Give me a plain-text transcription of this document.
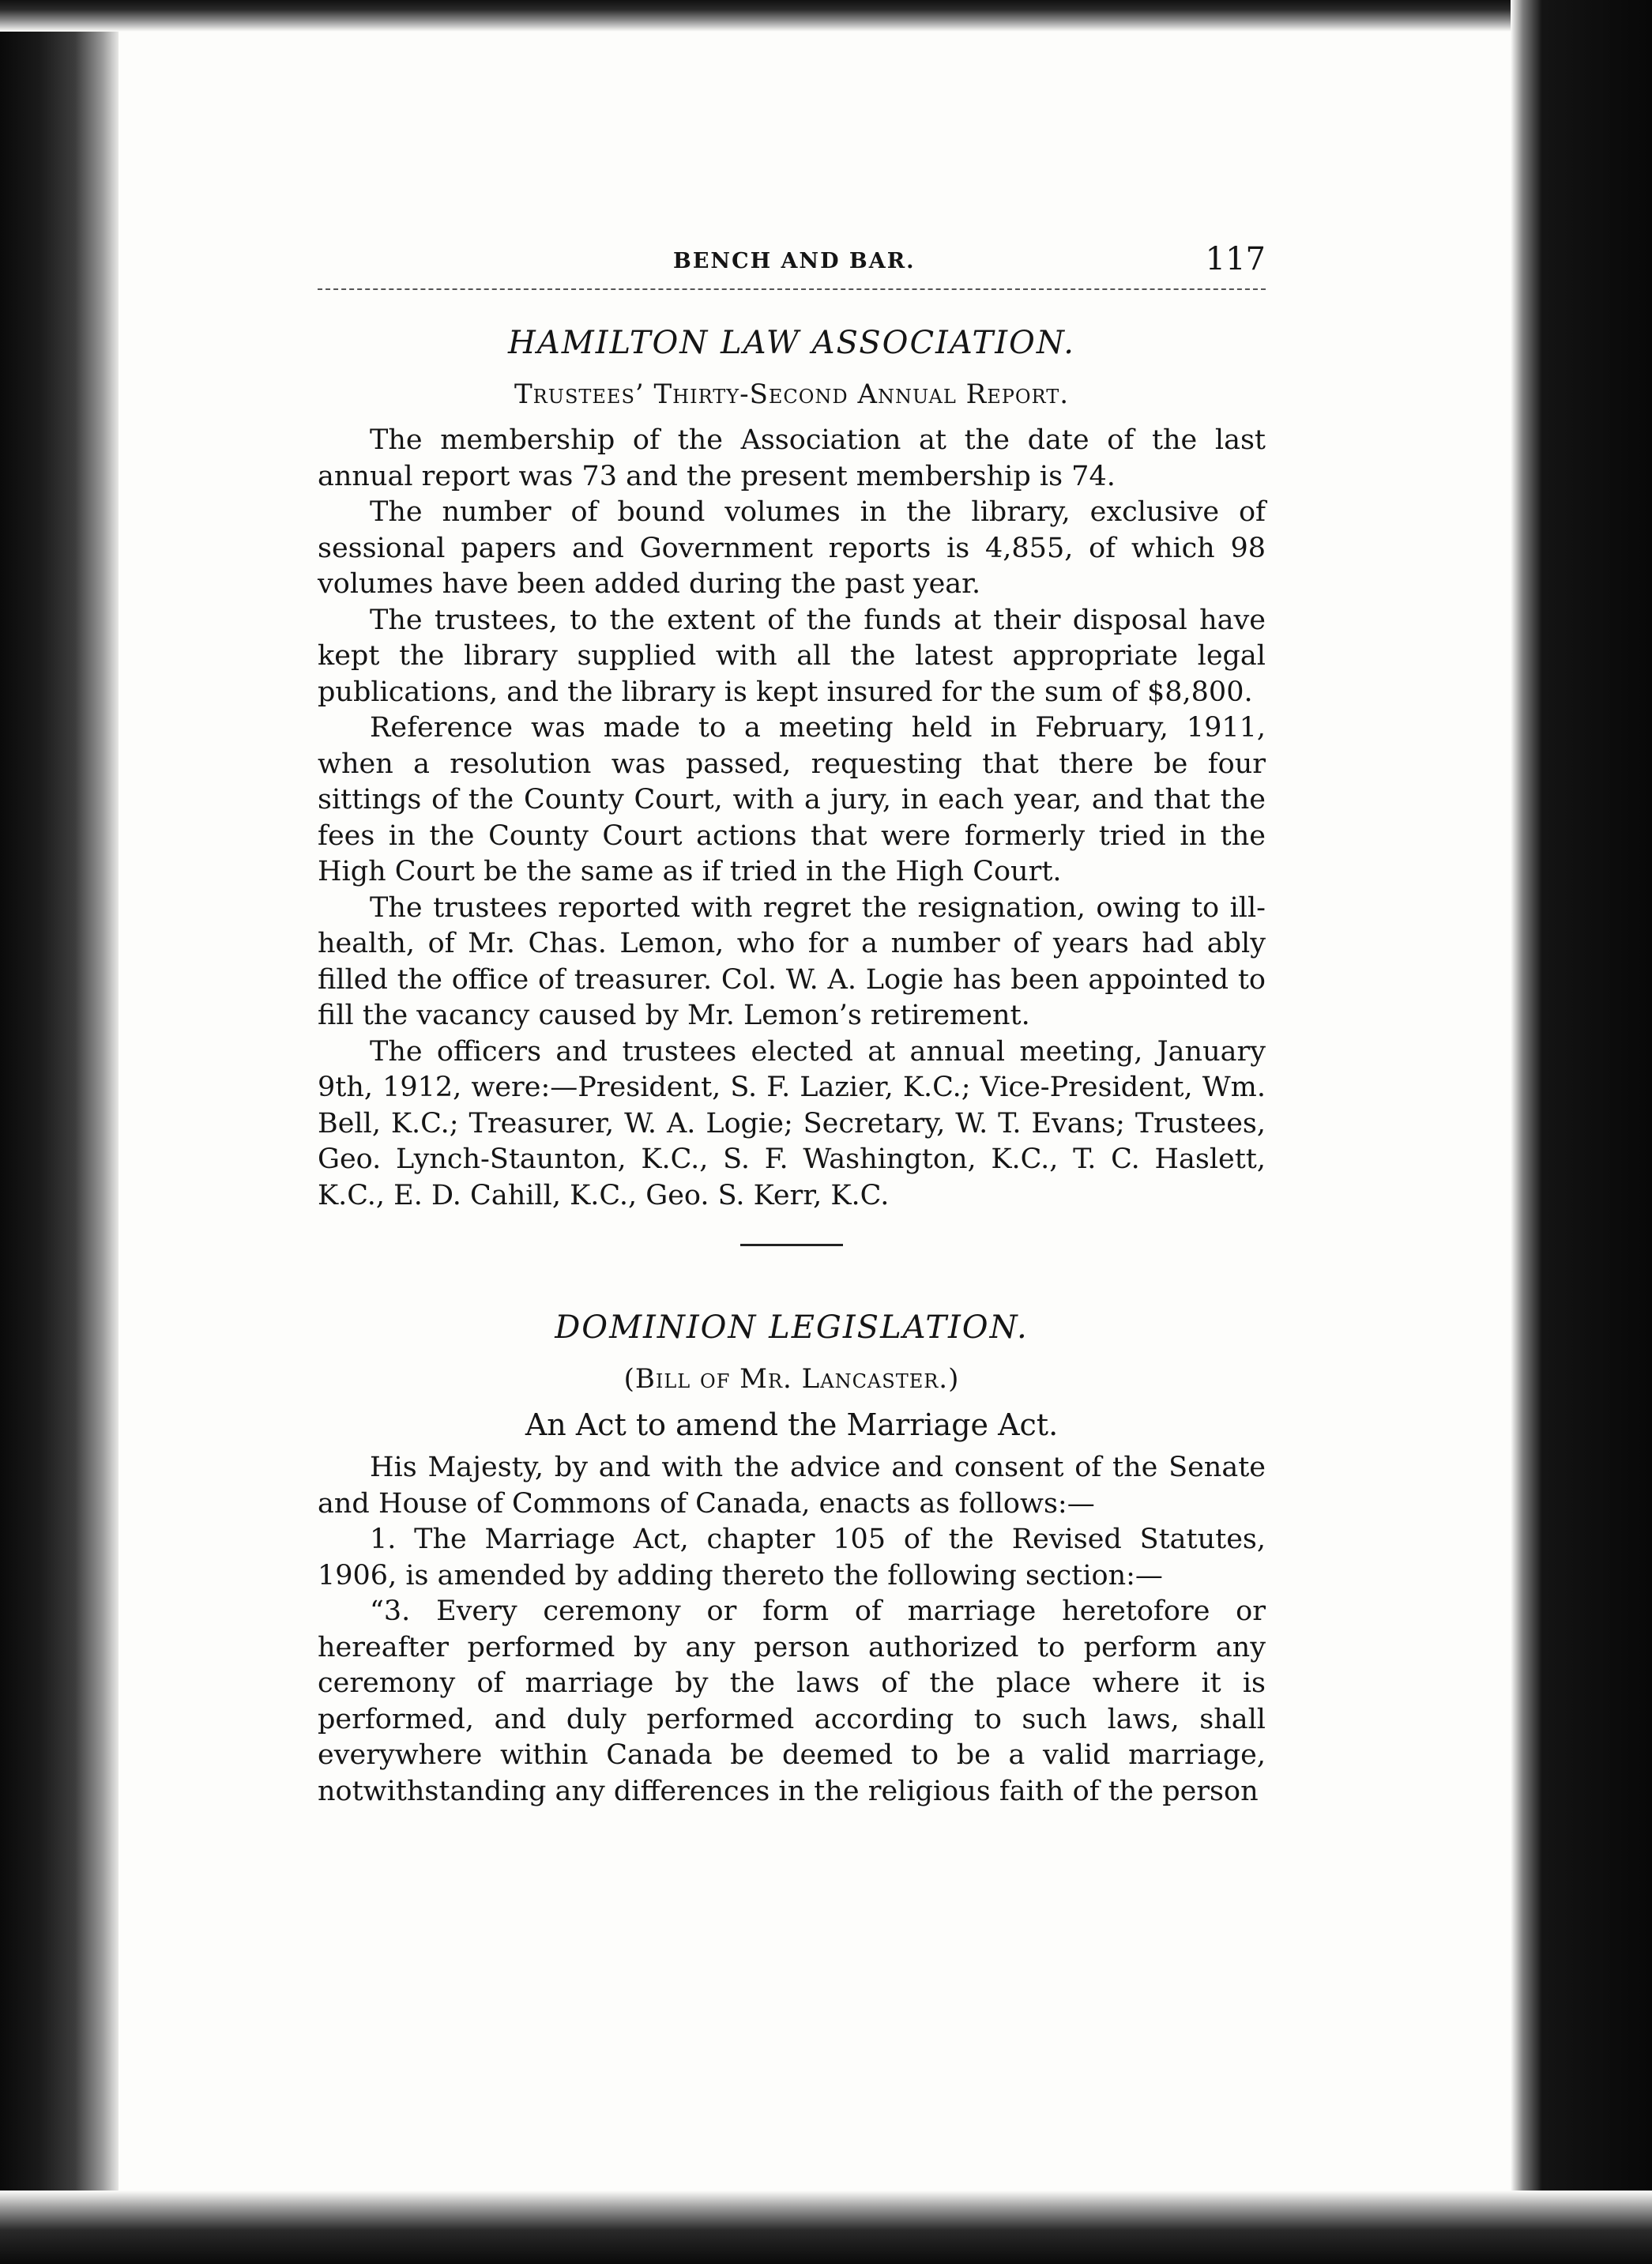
BENCH AND BAR.	117
HAMILTON LAW ASSOCIATION.
Trustees’ Thirty-Second Annual Report.

The membership of the Association at the date of the last annual report was 73 and the present membership is 74.

The number of bound volumes in the library, exclusive of sessional papers and Government reports is 4,855, of which 98 volumes have been added during the past year.

The trustees, to the extent of the funds at their disposal have kept the library supplied with all the latest appropriate legal publications, and the library is kept insured for the sum of $8,800.

Reference was made to a meeting held in February, 1911, when a resolution was passed, requesting that there be four sittings of the County Court, with a jury, in each year, and that the fees in the County Court actions that were formerly tried in the High Court be the same as if tried in the High Court.

The trustees reported with regret the resignation, owing to ill-health, of Mr. Chas. Lemon, who for a number of years had ably filled the office of treasurer. Col. W. A. Logie has been appointed to fill the vacancy caused by Mr. Lemon’s retirement.

The officers and trustees elected at annual meeting, January 9th, 1912, were:—President, S. F. Lazier, K.C.; Vice-President, Wm. Bell, K.C.; Treasurer, W. A. Logie; Secretary, W. T. Evans; Trustees, Geo. Lynch-Staunton, K.C., S. F. Washington, K.C., T. C. Haslett, K.C., E. D. Cahill, K.C., Geo. S. Kerr, K.C.

DOMINION LEGISLATION.
(Bill of Mr. Lancaster.)
An Act to amend the Marriage Act.

His Majesty, by and with the advice and consent of the Senate and House of Commons of Canada, enacts as follows:—

1. The Marriage Act, chapter 105 of the Revised Statutes, 1906, is amended by adding thereto the following section:—

“3. Every ceremony or form of marriage heretofore or hereafter performed by any person authorized to perform any ceremony of marriage by the laws of the place where it is performed, and duly performed according to such laws, shall everywhere within Canada be deemed to be a valid marriage, notwithstanding any differences in the religious faith of the person
